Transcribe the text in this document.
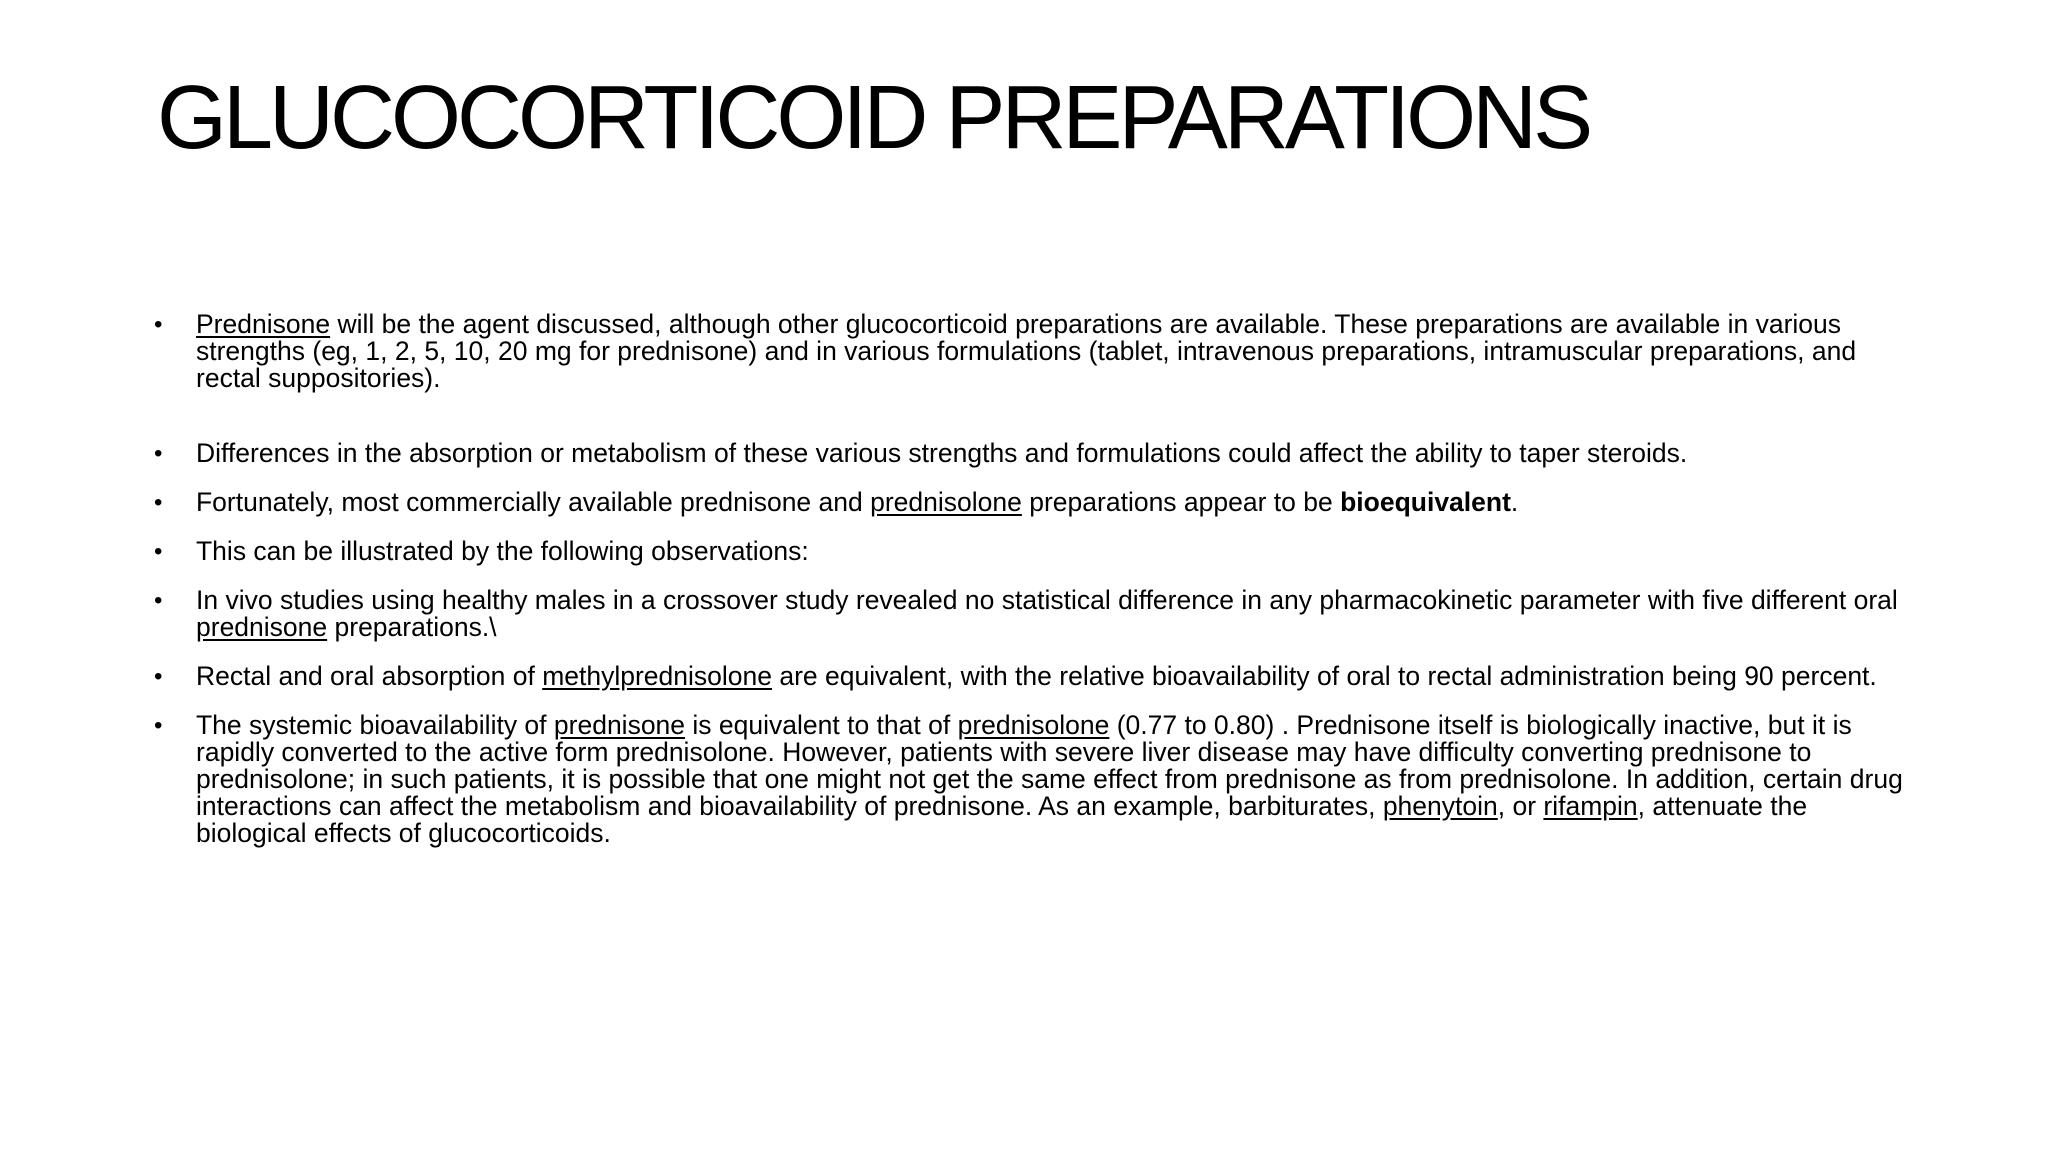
GLUCOCORTICOID PREPARATIONS
•	Prednisone will be the agent discussed, although other glucocorticoid preparations are available. These preparations are available in various strengths (eg, 1, 2, 5, 10, 20 mg for prednisone) and in various formulations (tablet, intravenous preparations, intramuscular preparations, and rectal suppositories).
•	Differences in the absorption or metabolism of these various strengths and formulations could affect the ability to taper steroids.
•	Fortunately, most commercially available prednisone and prednisolone preparations appear to be bioequivalent.
•	This can be illustrated by the following observations:
•	In vivo studies using healthy males in a crossover study revealed no statistical difference in any pharmacokinetic parameter with five different oral prednisone preparations.\
•	Rectal and oral absorption of methylprednisolone are equivalent, with the relative bioavailability of oral to rectal administration being 90 percent.
•	The systemic bioavailability of prednisone is equivalent to that of prednisolone (0.77 to 0.80) . Prednisone itself is biologically inactive, but it is rapidly converted to the active form prednisolone. However, patients with severe liver disease may have difficulty converting prednisone to prednisolone; in such patients, it is possible that one might not get the same effect from prednisone as from prednisolone. In addition, certain drug interactions can affect the metabolism and bioavailability of prednisone. As an example, barbiturates, phenytoin, or rifampin, attenuate the biological effects of glucocorticoids.
